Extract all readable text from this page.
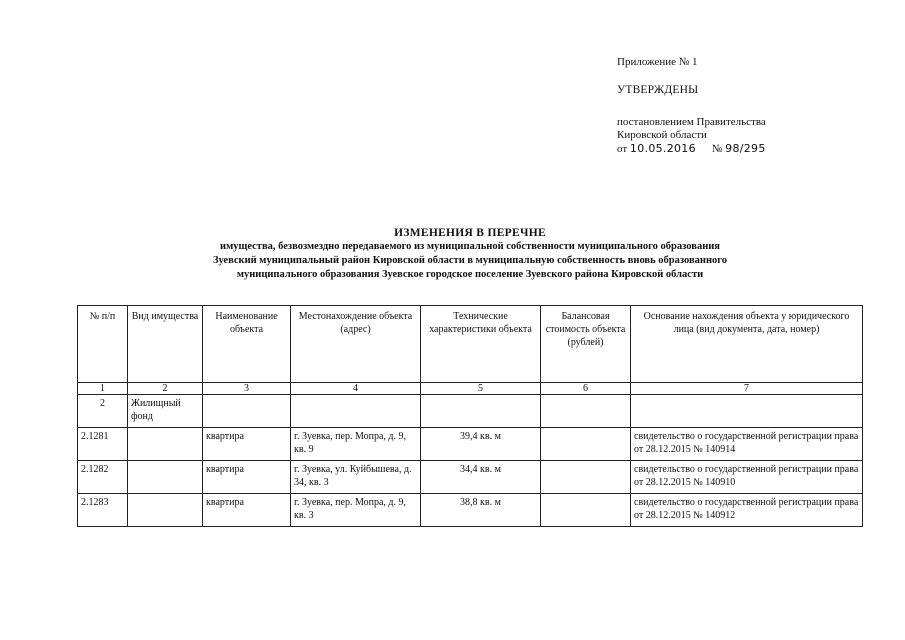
Приложение № 1

УТВЕРЖДЕНЫ

постановлением Правительства

Кировской области

от 10.05.2016 № 98/295

ИЗМЕНЕНИЯ В ПЕРЕЧНЕ
имущества, безвозмездно передаваемого из муниципальной собственности муниципального образования
Зуевский муниципальный район Кировской области в муниципальную собственность вновь образованного
муниципального образования Зуевское городское поселение Зуевского района Кировской области
№ п/п	Вид имущества	Наименование объекта	Местонахождение объекта (адрес)	Технические характеристики объекта	Балансовая стоимость объекта (рублей)	Основание нахождения объекта у юридического лица (вид документа, дата, номер)
1	2	3	4	5	6	7
2	Жилищный фонд					
2.1281		квартира	г. Зуевка, пер. Мопра, д. 9, кв. 9	39,4 кв. м		свидетельство о государственной регистрации права от 28.12.2015 № 140914
2.1282		квартира	г. Зуевка, ул. Куйбышева, д. 34, кв. 3	34,4 кв. м		свидетельство о государственной регистрации права от 28.12.2015 № 140910
2.1283		квартира	г. Зуевка, пер. Мопра, д. 9, кв. 3	38,8 кв. м		свидетельство о государственной регистрации права от 28.12.2015 № 140912
